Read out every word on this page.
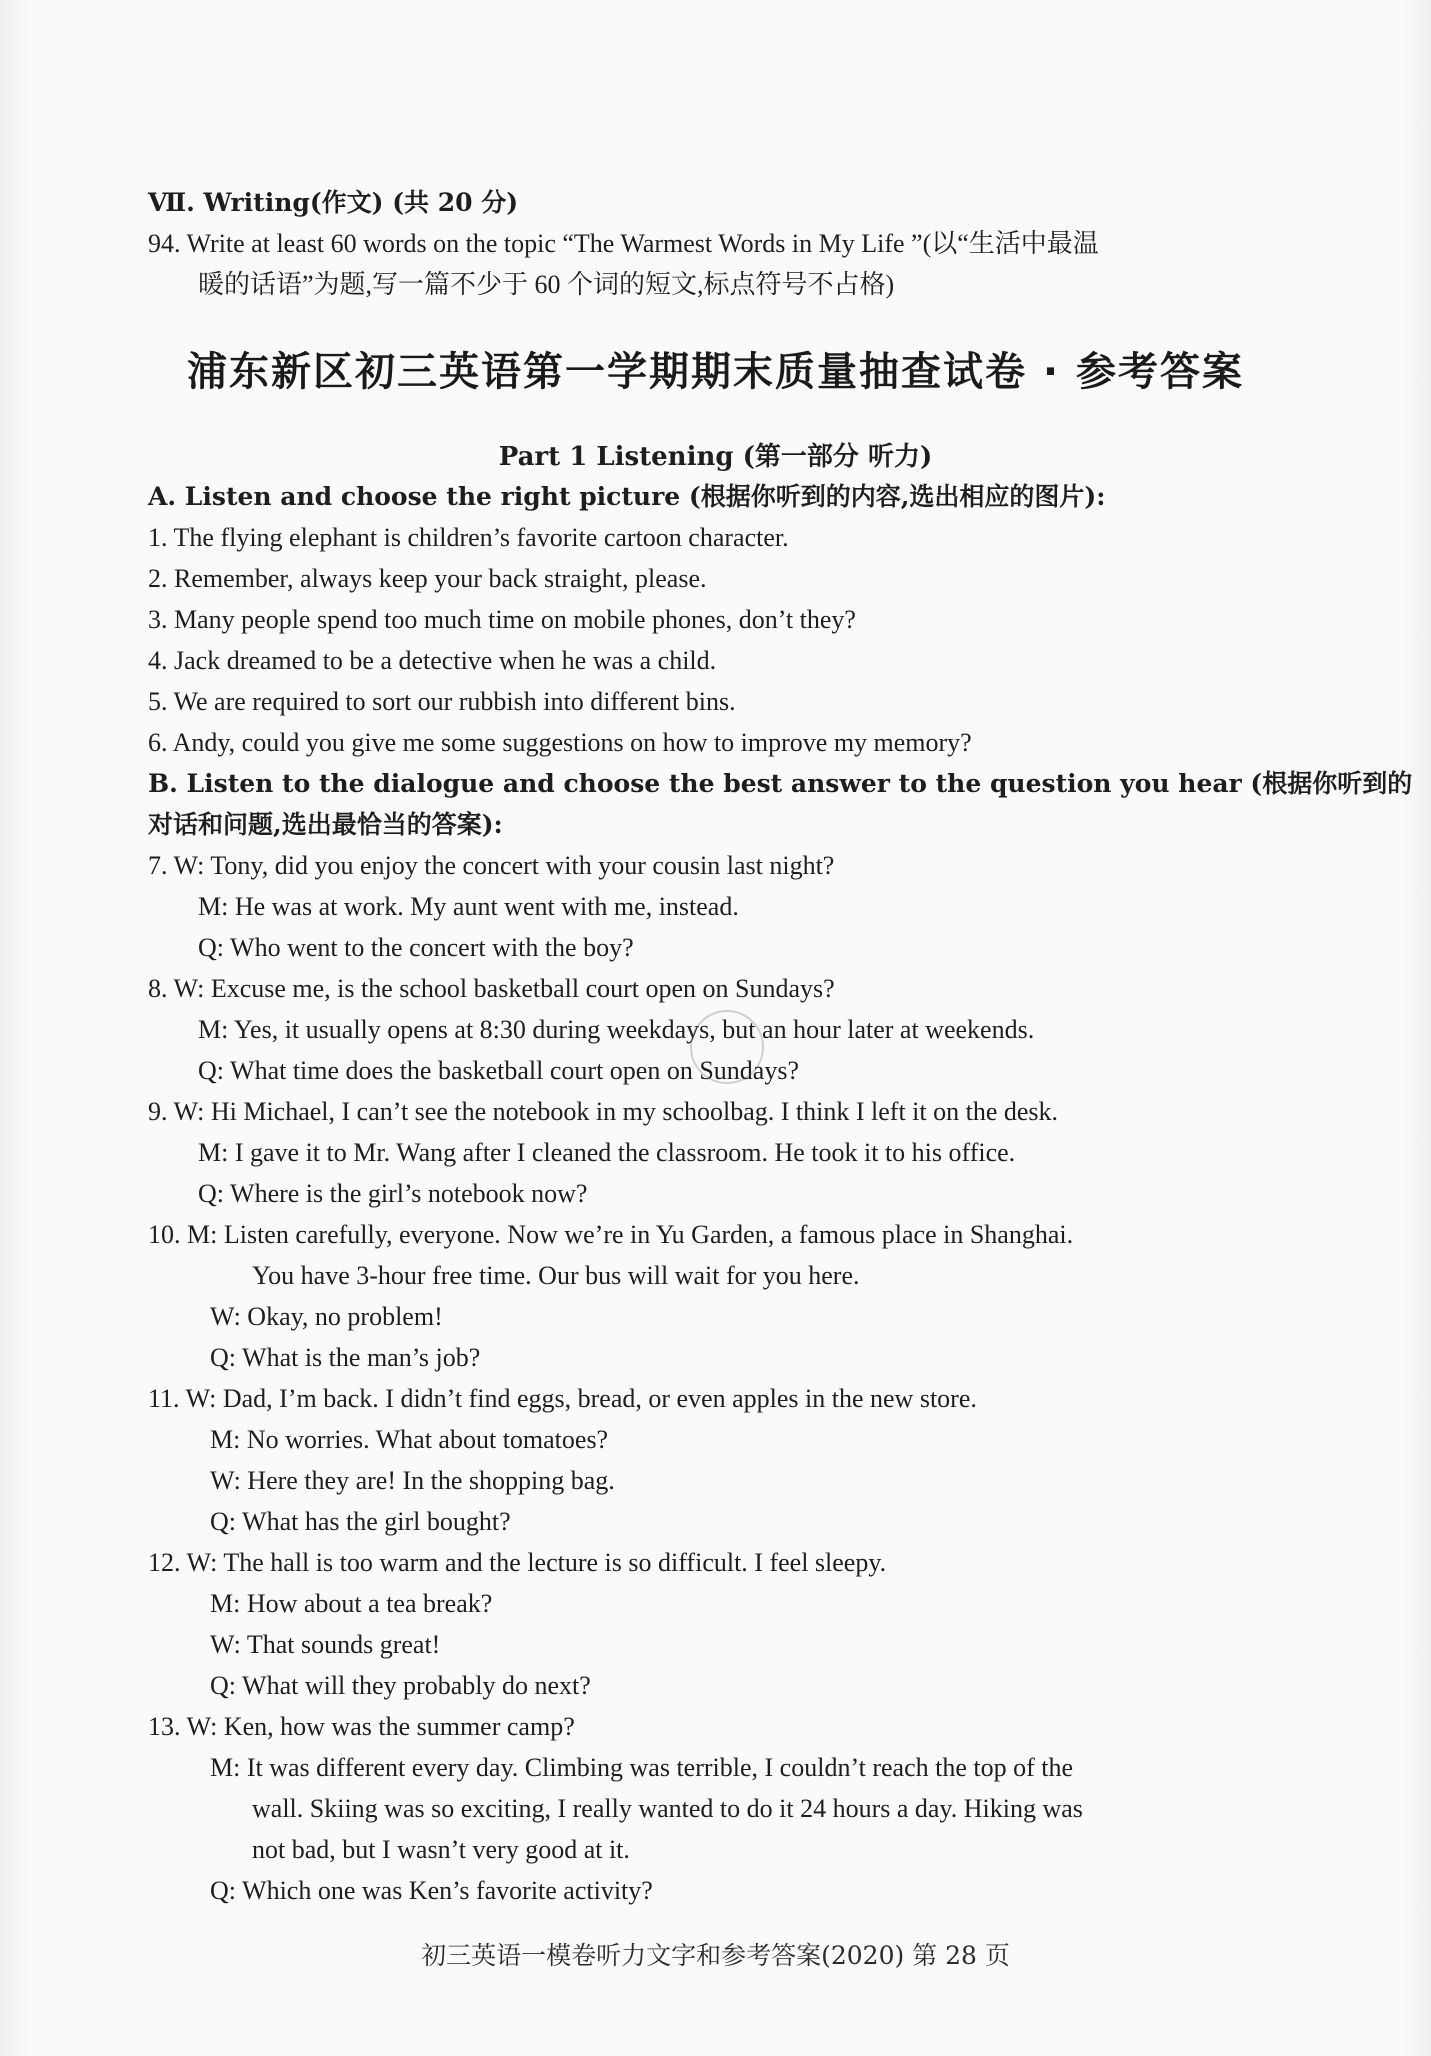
Ⅶ. Writing(作文) (共 20 分)
94. Write at least 60 words on the topic “The Warmest Words in My Life ”(以“生活中最温
暖的话语”为题,写一篇不少于 60 个词的短文,标点符号不占格)
浦东新区初三英语第一学期期末质量抽查试卷 · 参考答案
Part 1 Listening (第一部分 听力)
A. Listen and choose the right picture (根据你听到的内容,选出相应的图片):
1. The flying elephant is children’s favorite cartoon character.
2. Remember, always keep your back straight, please.
3. Many people spend too much time on mobile phones, don’t they?
4. Jack dreamed to be a detective when he was a child.
5. We are required to sort our rubbish into different bins.
6. Andy, could you give me some suggestions on how to improve my memory?
B. Listen to the dialogue and choose the best answer to the question you hear (根据你听到的
对话和问题,选出最恰当的答案):
7. W: Tony, did you enjoy the concert with your cousin last night?
M: He was at work. My aunt went with me, instead.
Q: Who went to the concert with the boy?
8. W: Excuse me, is the school basketball court open on Sundays?
M: Yes, it usually opens at 8:30 during weekdays, but an hour later at weekends.
Q: What time does the basketball court open on Sundays?
9. W: Hi Michael, I can’t see the notebook in my schoolbag. I think I left it on the desk.
M: I gave it to Mr. Wang after I cleaned the classroom. He took it to his office.
Q: Where is the girl’s notebook now?
10. M: Listen carefully, everyone. Now we’re in Yu Garden, a famous place in Shanghai.
You have 3-hour free time. Our bus will wait for you here.
W: Okay, no problem!
Q: What is the man’s job?
11. W: Dad, I’m back. I didn’t find eggs, bread, or even apples in the new store.
M: No worries. What about tomatoes?
W: Here they are! In the shopping bag.
Q: What has the girl bought?
12. W: The hall is too warm and the lecture is so difficult. I feel sleepy.
M: How about a tea break?
W: That sounds great!
Q: What will they probably do next?
13. W: Ken, how was the summer camp?
M: It was different every day. Climbing was terrible, I couldn’t reach the top of the
wall. Skiing was so exciting, I really wanted to do it 24 hours a day. Hiking was
not bad, but I wasn’t very good at it.
Q: Which one was Ken’s favorite activity?
初三英语一模卷听力文字和参考答案(2020) 第 28 页
